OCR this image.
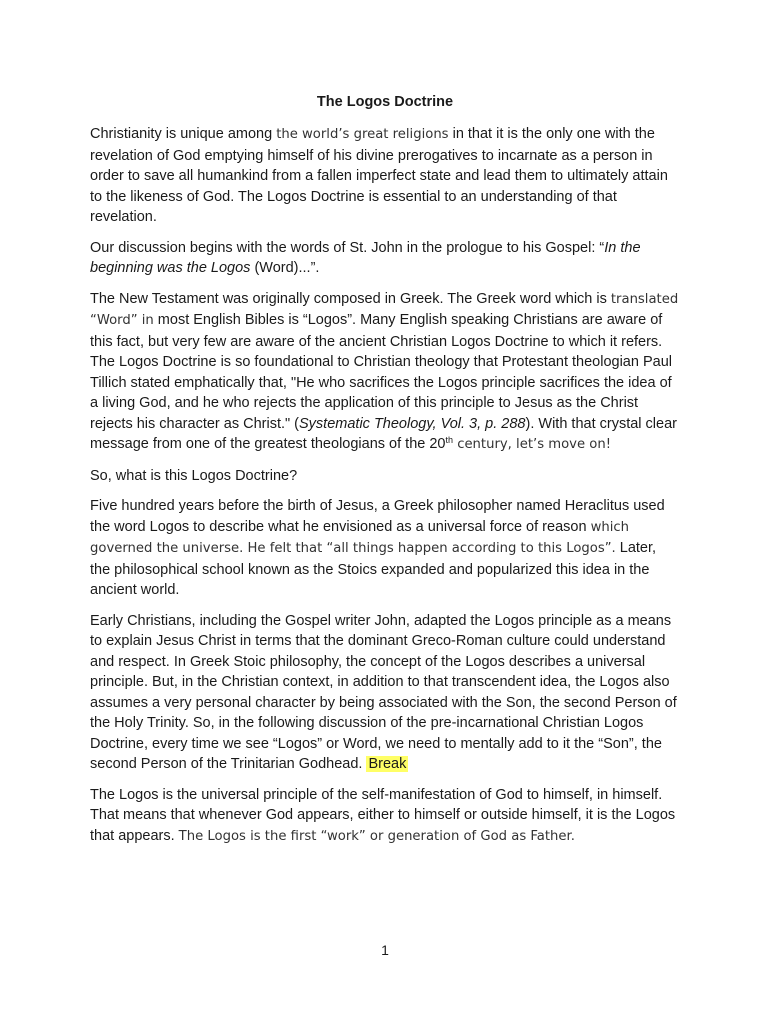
The Logos Doctrine

Christianity is unique among the world’s great religions in that it is the only one with the revelation of God emptying himself of his divine prerogatives to incarnate as a person in order to save all humankind from a fallen imperfect state and lead them to ultimately attain to the likeness of God. The Logos Doctrine is essential to an understanding of that revelation.

Our discussion begins with the words of St. John in the prologue to his Gospel: “In the beginning was the Logos (Word)...”.

The New Testament was originally composed in Greek. The Greek word which is translated “Word” in most English Bibles is “Logos”. Many English speaking Christians are aware of this fact, but very few are aware of the ancient Christian Logos Doctrine to which it refers. The Logos Doctrine is so foundational to Christian theology that Protestant theologian Paul Tillich stated emphatically that, "He who sacrifices the Logos principle sacrifices the idea of a living God, and he who rejects the application of this principle to Jesus as the Christ rejects his character as Christ." (Systematic Theology, Vol. 3, p. 288). With that crystal clear message from one of the greatest theologians of the 20th century, let’s move on!

So, what is this Logos Doctrine?

Five hundred years before the birth of Jesus, a Greek philosopher named Heraclitus used the word Logos to describe what he envisioned as a universal force of reason which governed the universe. He felt that “all things happen according to this Logos”. Later, the philosophical school known as the Stoics expanded and popularized this idea in the ancient world.

Early Christians, including the Gospel writer John, adapted the Logos principle as a means to explain Jesus Christ in terms that the dominant Greco-Roman culture could understand and respect. In Greek Stoic philosophy, the concept of the Logos describes a universal principle. But, in the Christian context, in addition to that transcendent idea, the Logos also assumes a very personal character by being associated with the Son, the second Person of the Holy Trinity. So, in the following discussion of the pre-incarnational Christian Logos Doctrine, every time we see “Logos” or Word, we need to mentally add to it the “Son”, the second Person of the Trinitarian Godhead. Break

The Logos is the universal principle of the self-manifestation of God to himself, in himself. That means that whenever God appears, either to himself or outside himself, it is the Logos that appears. The Logos is the first “work” or generation of God as Father.

1
